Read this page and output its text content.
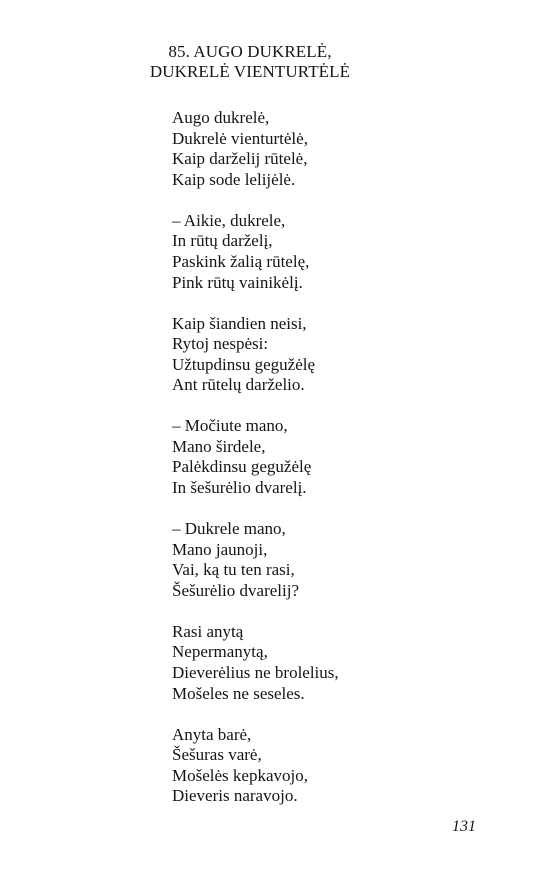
85. AUGO DUKRELĖ,
DUKRELĖ VIENTURTĖLĖ
Augo dukrelė,
Dukrelė vienturtėlė,
Kaip darželij rūtelė,
Kaip sode lelijėlė.
– Aikie, dukrele,
In rūtų darželį,
Paskink žalią rūtelę,
Pink rūtų vainikėlį.
Kaip šiandien neisi,
Rytoj nespėsi:
Užtupdinsu gegužėlę
Ant rūtelų darželio.
– Močiute mano,
Mano širdele,
Palėkdinsu gegužėlę
In šešurėlio dvarelį.
– Dukrele mano,
Mano jaunoji,
Vai, ką tu ten rasi,
Šešurėlio dvarelij?
Rasi anytą
Nepermanytą,
Dieverėlius ne brolelius,
Mošeles ne seseles.
Anyta barė,
Šešuras varė,
Mošelės kepkavojo,
Dieveris naravojo.
131
